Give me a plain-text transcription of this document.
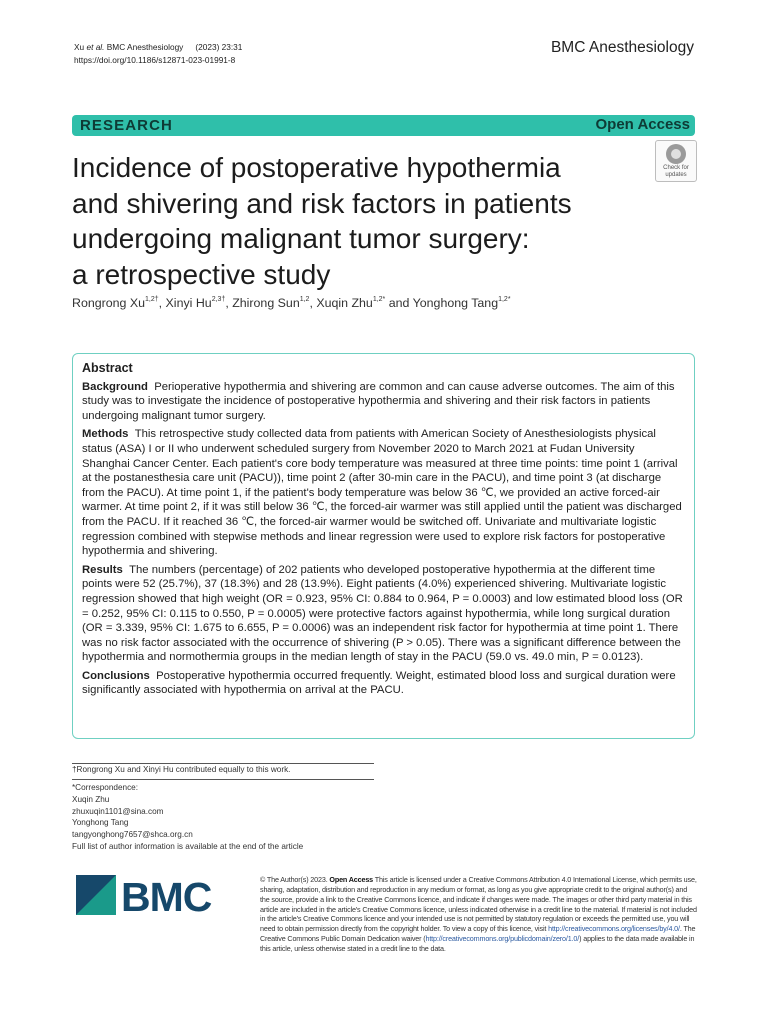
Xu et al. BMC Anesthesiology (2023) 23:31
https://doi.org/10.1186/s12871-023-01991-8
BMC Anesthesiology
RESEARCH	Open Access
Incidence of postoperative hypothermia
and shivering and risk factors in patients
undergoing malignant tumor surgery:
a retrospective study
Check for
updates
Rongrong $Xu^{1,2\dagger}$, Xinyi $Hu^{2,3\dagger}$, Zhirong Sun$^{1,2}$, Xuqin Zhu$^{1,2*}$ and Yonghong Tang$^{1,2*}$
Abstract

Background Perioperative hypothermia and shivering are common and can cause adverse outcomes. The aim of this study was to investigate the incidence of postoperative hypothermia and shivering and their risk factors in patients undergoing malignant tumor surgery.

Methods This retrospective study collected data from patients with American Society of Anesthesiologists physical status (ASA) I or II who underwent scheduled surgery from November 2020 to March 2021 at Fudan University Shanghai Cancer Center. Each patient's core body temperature was measured at three time points: time point 1 (arrival at the postanesthesia care unit (PACU)), time point 2 (after 30-min care in the PACU), and time point 3 (at discharge from the PACU). At time point 1, if the patient's body temperature was below 36 ℃, we provided an active forced-air warmer. At time point 2, if it was still below 36 ℃, the forced-air warmer was still applied until the patient was discharged from the PACU. If it reached 36 ℃, the forced-air warmer would be switched off. Univariate and multivariate logistic regression combined with stepwise methods and linear regression were used to explore risk factors for postoperative hypothermia and shivering.

Results The numbers (percentage) of 202 patients who developed postoperative hypothermia at the different time points were 52 (25.7%), 37 (18.3%) and 28 (13.9%). Eight patients (4.0%) experienced shivering. Multivariate logistic regression showed that high weight (OR = 0.923, 95% CI: 0.884 to 0.964, P = 0.0003) and low estimated blood loss (OR = 0.252, 95% CI: 0.115 to 0.550, P = 0.0005) were protective factors against hypothermia, while long surgical duration (OR = 3.339, 95% CI: 1.675 to 6.655, P = 0.0006) was an independent risk factor for hypothermia at time point 1. There was no risk factor associated with the occurrence of shivering (P > 0.05). There was a significant difference between the hypothermia and normothermia groups in the median length of stay in the PACU (59.0 vs. 49.0 min, P = 0.0123).

Conclusions Postoperative hypothermia occurred frequently. Weight, estimated blood loss and surgical duration were significantly associated with hypothermia on arrival at the PACU.

†Rongrong Xu and Xinyi Hu contributed equally to this work.
*Correspondence:
Xuqin Zhu
zhuxuqin1101@sina.com
Yonghong Tang
tangyonghong7657@shca.org.cn
Full list of author information is available at the end of the article
BMC	© The Author(s) 2023. Open Access This article is licensed under a Creative Commons Attribution 4.0 International License, which permits use, sharing, adaptation, distribution and reproduction in any medium or format, as long as you give appropriate credit to the original author(s) and the source, provide a link to the Creative Commons licence, and indicate if changes were made. The images or other third party material in this article are included in the article's Creative Commons licence, unless indicated otherwise in a credit line to the material. If material is not included in the article's Creative Commons licence and your intended use is not permitted by statutory regulation or exceeds the permitted use, you will need to obtain permission directly from the copyright holder. To view a copy of this licence, visit http://creativecommons.org/licenses/by/4.0/. The Creative Commons Public Domain Dedication waiver (http://creativecommons.org/publicdomain/zero/1.0/) applies to the data made available in this article, unless otherwise stated in a credit line to the data.
